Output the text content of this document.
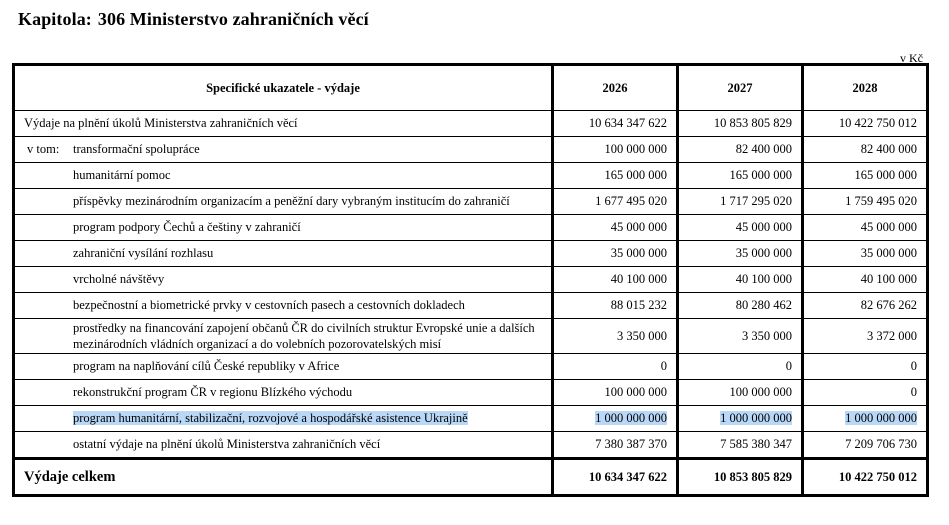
Kapitola: 306 Ministerstvo zahraničních věcí
v Kč
Specifické ukazatele - výdaje	2026	2027	2028
Výdaje na plnění úkolů Ministerstva zahraničních věcí	10 634 347 622	10 853 805 829	10 422 750 012

v tom: transformační spolupráce	100 000 000	82 400 000	82 400 000
humanitární pomoc	165 000 000	165 000 000	165 000 000
příspěvky mezinárodním organizacím a peněžní dary vybraným institucím do zahraničí	1 677 495 020	1 717 295 020	1 759 495 020
program podpory Čechů a češtiny v zahraničí	45 000 000	45 000 000	45 000 000
zahraniční vysílání rozhlasu	35 000 000	35 000 000	35 000 000
vrcholné návštěvy	40 100 000	40 100 000	40 100 000
bezpečnostní a biometrické prvky v cestovních pasech a cestovních dokladech	88 015 232	80 280 462	82 676 262
prostředky na financování zapojení občanů ČR do civilních struktur Evropské unie a dalších mezinárodních vládních organizací a do volebních pozorovatelských misí	3 350 000	3 350 000	3 372 000
program na naplňování cílů České republiky v Africe	0	0	0
rekonstrukční program ČR v regionu Blízkého východu	100 000 000	100 000 000	0
program humanitární, stabilizační, rozvojové a hospodářské asistence Ukrajině	1 000 000 000	1 000 000 000	1 000 000 000
ostatní výdaje na plnění úkolů Ministerstva zahraničních věcí	7 380 387 370	7 585 380 347	7 209 706 730
Výdaje celkem	10 634 347 622	10 853 805 829	10 422 750 012
